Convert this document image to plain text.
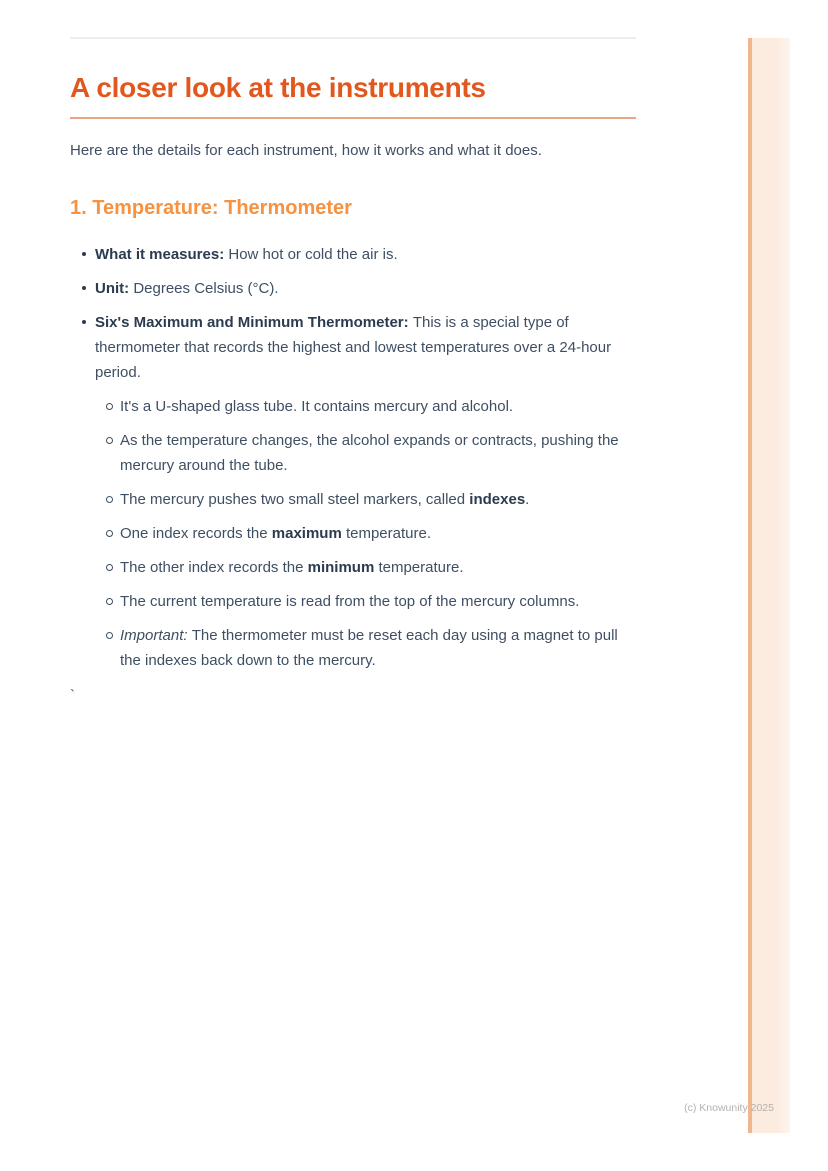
A closer look at the instruments

Here are the details for each instrument, how it works and what it does.

1. Temperature: Thermometer
What it measures: How hot or cold the air is.
Unit: Degrees Celsius (°C).
Six's Maximum and Minimum Thermometer: This is a special type of thermometer that records the highest and lowest temperatures over a 24-hour period.
It's a U-shaped glass tube. It contains mercury and alcohol.
As the temperature changes, the alcohol expands or contracts, pushing the mercury around the tube.
The mercury pushes two small steel markers, called indexes.
One index records the maximum temperature.
The other index records the minimum temperature.
The current temperature is read from the top of the mercury columns.
Important: The thermometer must be reset each day using a magnet to pull the indexes back down to the mercury.

`

(c) Knowunity 2025
